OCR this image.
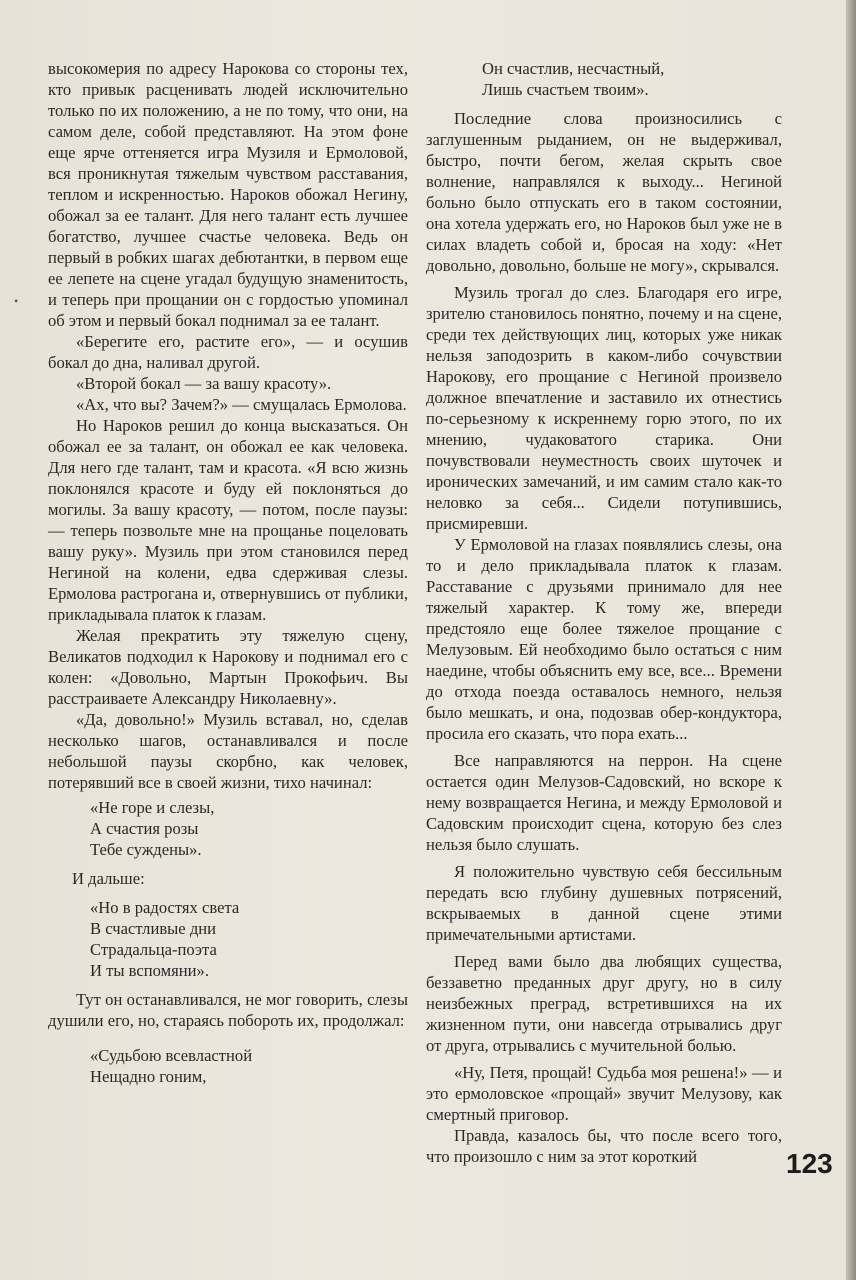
•

высокомерия по адресу Нарокова со стороны тех, кто привык расценивать людей исключительно только по их положению, а не по тому, что они, на самом деле, собой представляют. На этом фоне еще ярче оттеняется игра Музиля и Ермоловой, вся проникнутая тяжелым чувством расставания, теплом и искренностью. Нароков обожал Негину, обожал за ее талант. Для него талант есть лучшее богатство, лучшее счастье человека. Ведь он первый в робких шагах дебютантки, в первом еще ее лепете на сцене угадал будущую знаменитость, и теперь при прощании он с гордостью упоминал об этом и первый бокал поднимал за ее талант.

«Берегите его, растите его», — и осушив бокал до дна, наливал другой.

«Второй бокал — за вашу красоту».

«Ах, что вы? Зачем?» — смущалась Ермолова.

Но Нароков решил до конца высказаться. Он обожал ее за талант, он обожал ее как человека. Для него где талант, там и красота. «Я всю жизнь поклонялся красоте и буду ей поклоняться до могилы. За вашу красоту, — потом, после паузы: — теперь позвольте мне на прощанье поцеловать вашу руку». Музиль при этом становился перед Негиной на колени, едва сдерживая слезы. Ермолова растрогана и, отвернувшись от публики, прикладывала платок к глазам.

Желая прекратить эту тяжелую сцену, Великатов подходил к Нарокову и поднимал его с колен: «Довольно, Мартын Прокофьич. Вы расстраиваете Александру Николаевну».

«Да, довольно!» Музиль вставал, но, сделав несколько шагов, останавливался и после небольшой паузы скорбно, как человек, потерявший все в своей жизни, тихо начинал:

«Не горе и слезы,
А счастия розы
Тебе суждены».
И дальше:
«Но в радостях света
В счастливые дни
Страдальца-поэта
И ты вспомяни».

Тут он останавливался, не мог говорить, слезы душили его, но, стараясь побороть их, продолжал:

«Судьбою всевластной
Нещадно гоним,
Он счастлив, несчастный,
Лишь счастьем твоим».

Последние слова произносились с заглушенным рыданием, он не выдерживал, быстро, почти бегом, желая скрыть свое волнение, направлялся к выходу... Негиной больно было отпускать его в таком состоянии, она хотела удержать его, но Нароков был уже не в силах владеть собой и, бросая на ходу: «Нет довольно, довольно, больше не могу», скрывался.

Музиль трогал до слез. Благодаря его игре, зрителю становилось понятно, почему и на сцене, среди тех действующих лиц, которых уже никак нельзя заподозрить в каком-либо сочувствии Нарокову, его прощание с Негиной произвело должное впечатление и заставило их отнестись по-серьезному к искреннему горю этого, по их мнению, чудаковатого старика. Они почувствовали неуместность своих шуточек и иронических замечаний, и им самим стало как-то неловко за себя... Сидели потупившись, присмиревши.

У Ермоловой на глазах появлялись слезы, она то и дело прикладывала платок к глазам. Расставание с друзьями принимало для нее тяжелый характер. К тому же, впереди предстояло еще более тяжелое прощание с Мелузовым. Ей необходимо было остаться с ним наедине, чтобы объяснить ему все, все... Времени до отхода поезда оставалось немного, нельзя было мешкать, и она, подозвав обер-кондуктора, просила его сказать, что пора ехать...

Все направляются на перрон. На сцене остается один Мелузов-Садовский, но вскоре к нему возвращается Негина, и между Ермоловой и Садовским происходит сцена, которую без слез нельзя было слушать.

Я положительно чувствую себя бессильным передать всю глубину душевных потрясений, вскрываемых в данной сцене этими примечательными артистами.

Перед вами было два любящих существа, беззаветно преданных друг другу, но в силу неизбежных преград, встретившихся на их жизненном пути, они навсегда отрывались друг от друга, отрывались с мучительной болью.

«Ну, Петя, прощай! Судьба моя решена!» — и это ермоловское «прощай» звучит Мелузову, как смертный приговор.

Правда, казалось бы, что после всего того, что произошло с ним за этот короткий	123
